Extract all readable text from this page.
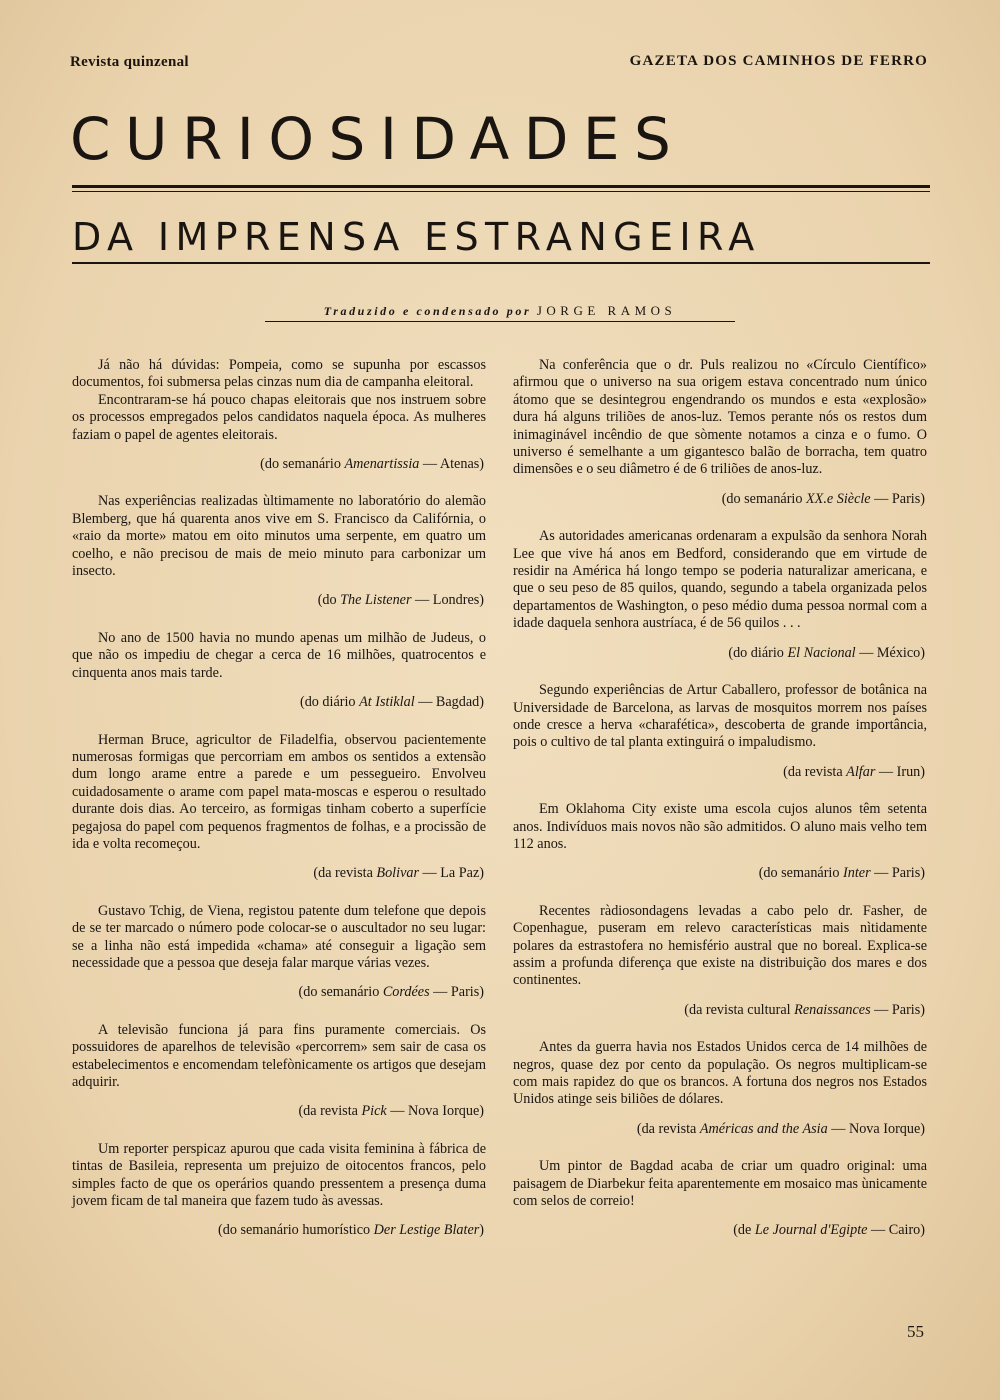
Revista quinzenal	GAZETA DOS CAMINHOS DE FERRO
CURIOSIDADES
DA IMPRENSA ESTRANGEIRA
Traduzido e condensado por JORGE RAMOS

Já não há dúvidas: Pompeia, como se supunha por escassos documentos, foi submersa pelas cinzas num dia de campanha eleitoral.

Encontraram-se há pouco chapas eleitorais que nos instruem sobre os processos empregados pelos candidatos naquela época. As mulheres faziam o papel de agentes eleitorais.

(do semanário Amenartissia — Atenas)

Nas experiências realizadas ùltimamente no laboratório do alemão Blemberg, que há quarenta anos vive em S. Francisco da Califórnia, o «raio da morte» matou em oito minutos uma serpente, em quatro um coelho, e não precisou de mais de meio minuto para carbonizar um insecto.

(do The Listener — Londres)

No ano de 1500 havia no mundo apenas um milhão de Judeus, o que não os impediu de chegar a cerca de 16 milhões, quatrocentos e cinquenta anos mais tarde.

(do diário At Istiklal — Bagdad)

Herman Bruce, agricultor de Filadelfia, observou pacientemente numerosas formigas que percorriam em ambos os sentidos a extensão dum longo arame entre a parede e um pessegueiro. Envolveu cuidadosamente o arame com papel mata-moscas e esperou o resultado durante dois dias. Ao terceiro, as formigas tinham coberto a superfície pegajosa do papel com pequenos fragmentos de folhas, e a procissão de ida e volta recomeçou.

(da revista Bolivar — La Paz)

Gustavo Tchig, de Viena, registou patente dum telefone que depois de se ter marcado o número pode colocar-se o auscultador no seu lugar: se a linha não está impedida «chama» até conseguir a ligação sem necessidade que a pessoa que deseja falar marque várias vezes.

(do semanário Cordées — Paris)

A televisão funciona já para fins puramente comerciais. Os possuidores de aparelhos de televisão «percorrem» sem sair de casa os estabelecimentos e encomendam telefònicamente os artigos que desejam adquirir.

(da revista Pick — Nova Iorque)

Um reporter perspicaz apurou que cada visita feminina à fábrica de tintas de Basileia, representa um prejuizo de oitocentos francos, pelo simples facto de que os operários quando pressentem a presença duma jovem ficam de tal maneira que fazem tudo às avessas.

(do semanário humorístico Der Lestige Blater)

Na conferência que o dr. Puls realizou no «Círculo Científico» afirmou que o universo na sua origem estava concentrado num único átomo que se desintegrou engendrando os mundos e esta «explosão» dura há alguns triliões de anos-luz. Temos perante nós os restos dum inimaginável incêndio de que sòmente notamos a cinza e o fumo. O universo é semelhante a um gigantesco balão de borracha, tem quatro dimensões e o seu diâmetro é de 6 triliões de anos-luz.

(do semanário XX.e Siècle — Paris)

As autoridades americanas ordenaram a expulsão da senhora Norah Lee que vive há anos em Bedford, considerando que em virtude de residir na América há longo tempo se poderia naturalizar americana, e que o seu peso de 85 quilos, quando, segundo a tabela organizada pelos departamentos de Washington, o peso médio duma pessoa normal com a idade daquela senhora austríaca, é de 56 quilos . . .

(do diário El Nacional — México)

Segundo experiências de Artur Caballero, professor de botânica na Universidade de Barcelona, as larvas de mosquitos morrem nos países onde cresce a herva «charafética», descoberta de grande importância, pois o cultivo de tal planta extinguirá o impaludismo.

(da revista Alfar — Irun)

Em Oklahoma City existe uma escola cujos alunos têm setenta anos. Indivíduos mais novos não são admitidos. O aluno mais velho tem 112 anos.

(do semanário Inter — Paris)

Recentes ràdiosondagens levadas a cabo pelo dr. Fasher, de Copenhague, puseram em relevo características mais nìtidamente polares da estrastofera no hemisfério austral que no boreal. Explica-se assim a profunda diferença que existe na distribuição dos mares e dos continentes.

(da revista cultural Renaissances — Paris)

Antes da guerra havia nos Estados Unidos cerca de 14 milhões de negros, quase dez por cento da população. Os negros multiplicam-se com mais rapidez do que os brancos. A fortuna dos negros nos Estados Unidos atinge seis biliões de dólares.

(da revista Américas and the Asia — Nova Iorque)

Um pintor de Bagdad acaba de criar um quadro original: uma paisagem de Diarbekur feita aparentemente em mosaico mas ùnicamente com selos de correio!

(de Le Journal d'Egipte — Cairo)
55
